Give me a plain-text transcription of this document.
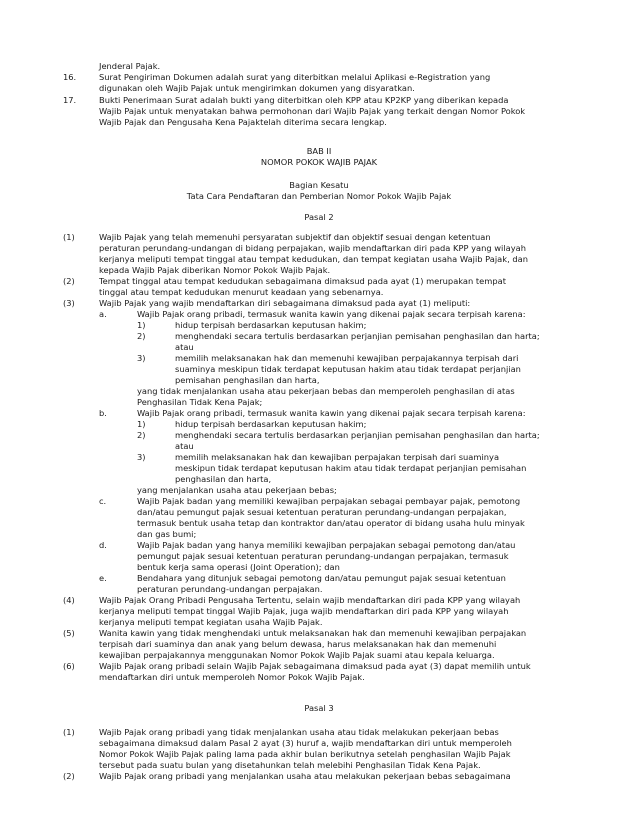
Jenderal Pajak.
16.	Surat Pengiriman Dokumen adalah surat yang diterbitkan melalui Aplikasi e-Registration yang
digunakan oleh Wajib Pajak untuk mengirimkan dokumen yang disyaratkan.
17.	Bukti Penerimaan Surat adalah bukti yang diterbitkan oleh KPP atau KP2KP yang diberikan kepada
Wajib Pajak untuk menyatakan bahwa permohonan dari Wajib Pajak yang terkait dengan Nomor Pokok
Wajib Pajak dan Pengusaha Kena Pajaktelah diterima secara lengkap.
BAB II
NOMOR POKOK WAJIB PAJAK
Bagian Kesatu
Tata Cara Pendaftaran dan Pemberian Nomor Pokok Wajib Pajak
Pasal 2
(1)	Wajib Pajak yang telah memenuhi persyaratan subjektif dan objektif sesuai dengan ketentuan
peraturan perundang-undangan di bidang perpajakan, wajib mendaftarkan diri pada KPP yang wilayah
kerjanya meliputi tempat tinggal atau tempat kedudukan, dan tempat kegiatan usaha Wajib Pajak, dan
kepada Wajib Pajak diberikan Nomor Pokok Wajib Pajak.
(2)	Tempat tinggal atau tempat kedudukan sebagaimana dimaksud pada ayat (1) merupakan tempat
tinggal atau tempat kedudukan menurut keadaan yang sebenarnya.
(3)	Wajib Pajak yang wajib mendaftarkan diri sebagaimana dimaksud pada ayat (1) meliputi:
a.	Wajib Pajak orang pribadi, termasuk wanita kawin yang dikenai pajak secara terpisah karena:
1)	hidup terpisah berdasarkan keputusan hakim;
2)	menghendaki secara tertulis berdasarkan perjanjian pemisahan penghasilan dan harta;
atau
3)	memilih melaksanakan hak dan memenuhi kewajiban perpajakannya terpisah dari
suaminya meskipun tidak terdapat keputusan hakim atau tidak terdapat perjanjian
pemisahan penghasilan dan harta,
yang tidak menjalankan usaha atau pekerjaan bebas dan memperoleh penghasilan di atas
Penghasilan Tidak Kena Pajak;
b.	Wajib Pajak orang pribadi, termasuk wanita kawin yang dikenai pajak secara terpisah karena:
1)	hidup terpisah berdasarkan keputusan hakim;
2)	menghendaki secara tertulis berdasarkan perjanjian pemisahan penghasilan dan harta;
atau
3)	memilih melaksanakan hak dan kewajiban perpajakan terpisah dari suaminya
meskipun tidak terdapat keputusan hakim atau tidak terdapat perjanjian pemisahan
penghasilan dan harta,
yang menjalankan usaha atau pekerjaan bebas;
c.	Wajib Pajak badan yang memiliki kewajiban perpajakan sebagai pembayar pajak, pemotong
dan/atau pemungut pajak sesuai ketentuan peraturan perundang-undangan perpajakan,
termasuk bentuk usaha tetap dan kontraktor dan/atau operator di bidang usaha hulu minyak
dan gas bumi;
d.	Wajib Pajak badan yang hanya memiliki kewajiban perpajakan sebagai pemotong dan/atau
pemungut pajak sesuai ketentuan peraturan perundang-undangan perpajakan, termasuk
bentuk kerja sama operasi (Joint Operation); dan
e.	Bendahara yang ditunjuk sebagai pemotong dan/atau pemungut pajak sesuai ketentuan
peraturan perundang-undangan perpajakan.
(4)	Wajib Pajak Orang Pribadi Pengusaha Tertentu, selain wajib mendaftarkan diri pada KPP yang wilayah
kerjanya meliputi tempat tinggal Wajib Pajak, juga wajib mendaftarkan diri pada KPP yang wilayah
kerjanya meliputi tempat kegiatan usaha Wajib Pajak.
(5)	Wanita kawin yang tidak menghendaki untuk melaksanakan hak dan memenuhi kewajiban perpajakan
terpisah dari suaminya dan anak yang belum dewasa, harus melaksanakan hak dan memenuhi
kewajiban perpajakannya menggunakan Nomor Pokok Wajib Pajak suami atau kepala keluarga.
(6)	Wajib Pajak orang pribadi selain Wajib Pajak sebagaimana dimaksud pada ayat (3) dapat memilih untuk
mendaftarkan diri untuk memperoleh Nomor Pokok Wajib Pajak.
Pasal 3
(1)	Wajib Pajak orang pribadi yang tidak menjalankan usaha atau tidak melakukan pekerjaan bebas
sebagaimana dimaksud dalam Pasal 2 ayat (3) huruf a, wajib mendaftarkan diri untuk memperoleh
Nomor Pokok Wajib Pajak paling lama pada akhir bulan berikutnya setelah penghasilan Wajib Pajak
tersebut pada suatu bulan yang disetahunkan telah melebihi Penghasilan Tidak Kena Pajak.
(2)	Wajib Pajak orang pribadi yang menjalankan usaha atau melakukan pekerjaan bebas sebagaimana
